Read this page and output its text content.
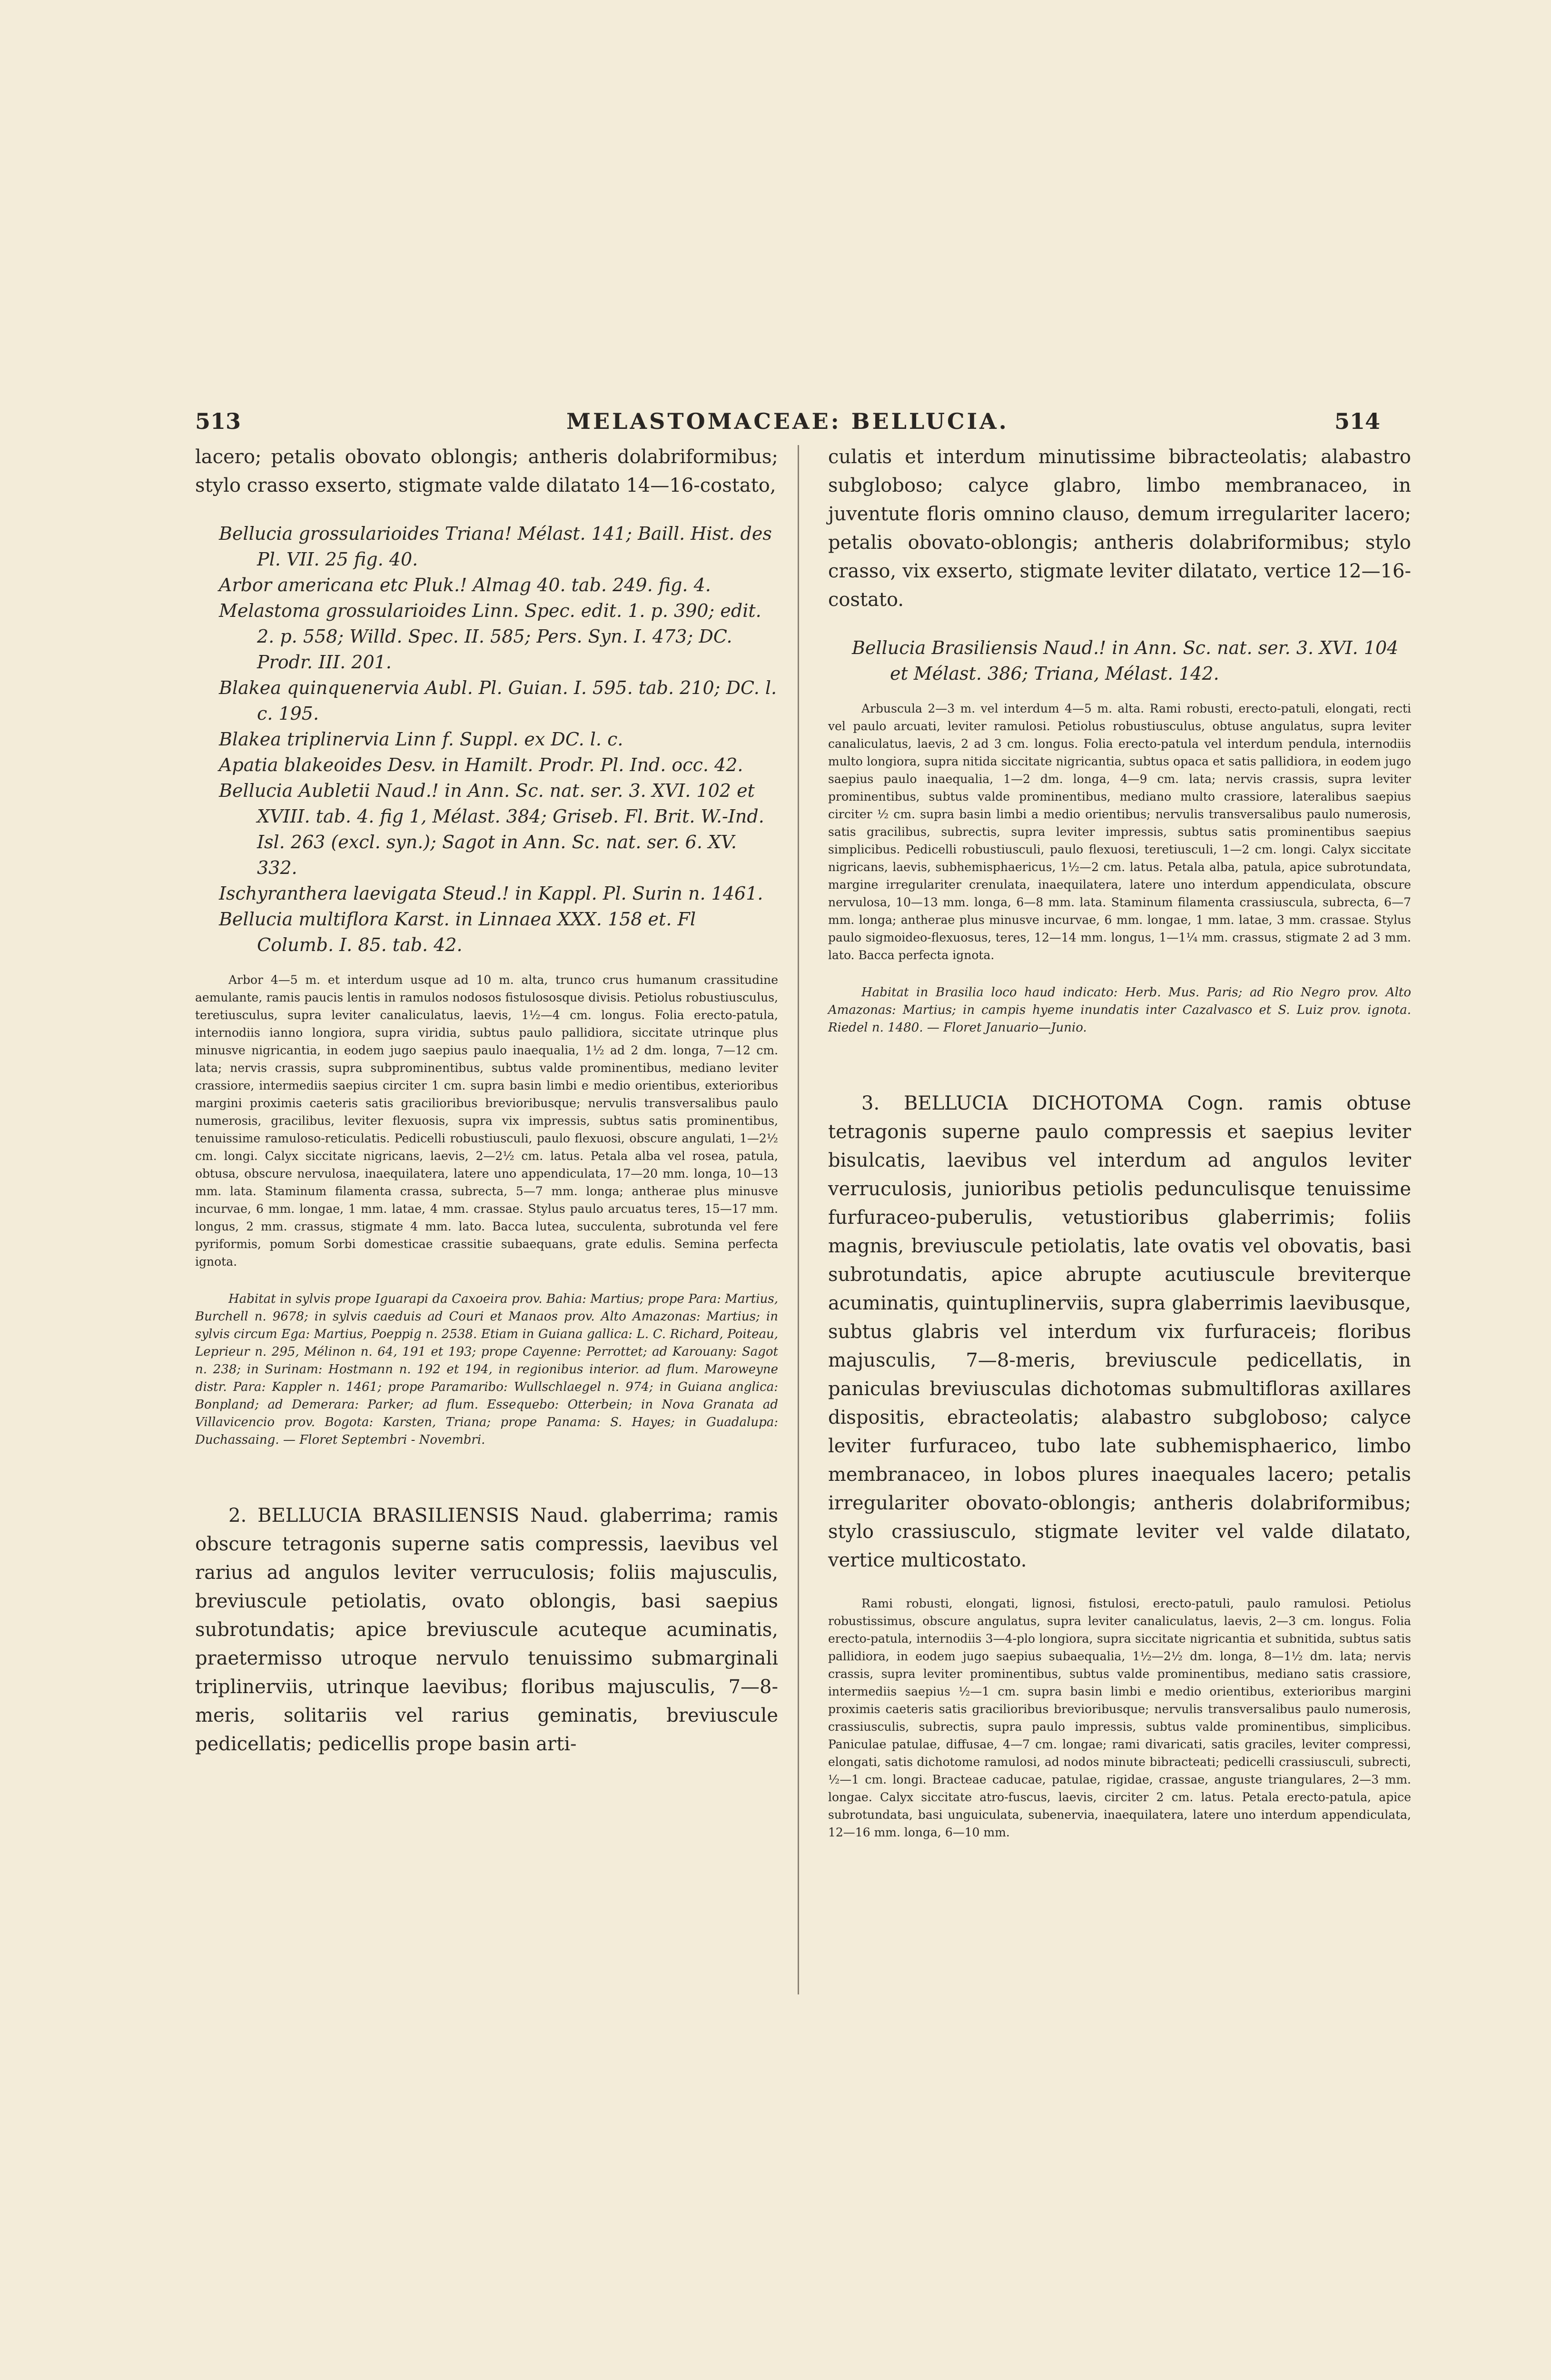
513	MELASTOMACEAE: BELLUCIA.	514

lacero; petalis obovato oblongis; antheris dolabriformibus; stylo crasso exserto, stigmate valde dilatato 14—16-costato,

Bellucia grossularioides Triana! Mélast. 141; Baill. Hist. des Pl. VII. 25 fig. 40.

Arbor americana etc Pluk.! Almag 40. tab. 249. fig. 4.

Melastoma grossularioides Linn. Spec. edit. 1. p. 390; edit. 2. p. 558; Willd. Spec. II. 585; Pers. Syn. I. 473; DC. Prodr. III. 201.

Blakea quinquenervia Aubl. Pl. Guian. I. 595. tab. 210; DC. l. c. 195.

Blakea triplinervia Linn f. Suppl. ex DC. l. c.

Apatia blakeoides Desv. in Hamilt. Prodr. Pl. Ind. occ. 42.

Bellucia Aubletii Naud.! in Ann. Sc. nat. ser. 3. XVI. 102 et XVIII. tab. 4. fig 1, Mélast. 384; Griseb. Fl. Brit. W.-Ind. Isl. 263 (excl. syn.); Sagot in Ann. Sc. nat. ser. 6. XV. 332.

Ischyranthera laevigata Steud.! in Kappl. Pl. Surin n. 1461.

Bellucia multiflora Karst. in Linnaea XXX. 158 et. Fl Columb. I. 85. tab. 42.

Arbor 4—5 m. et interdum usque ad 10 m. alta, trunco crus humanum crassitudine aemulante, ramis paucis lentis in ramulos nodosos fistulososque divisis. Petiolus robustiusculus, teretiusculus, supra leviter canaliculatus, laevis, 1½—4 cm. longus. Folia erecto-patula, internodiis ianno longiora, supra viridia, subtus paulo pallidiora, siccitate utrinque plus minusve nigricantia, in eodem jugo saepius paulo inaequalia, 1½ ad 2 dm. longa, 7—12 cm. lata; nervis crassis, supra subprominentibus, subtus valde prominentibus, mediano leviter crassiore, intermediis saepius circiter 1 cm. supra basin limbi e medio orientibus, exterioribus margini proximis caeteris satis gracilioribus brevioribusque; nervulis transversalibus paulo numerosis, gracilibus, leviter flexuosis, supra vix impressis, subtus satis prominentibus, tenuissime ramuloso-reticulatis. Pedicelli robustiusculi, paulo flexuosi, obscure angulati, 1—2½ cm. longi. Calyx siccitate nigricans, laevis, 2—2½ cm. latus. Petala alba vel rosea, patula, obtusa, obscure nervulosa, inaequilatera, latere uno appendiculata, 17—20 mm. longa, 10—13 mm. lata. Staminum filamenta crassa, subrecta, 5—7 mm. longa; antherae plus minusve incurvae, 6 mm. longae, 1 mm. latae, 4 mm. crassae. Stylus paulo arcuatus teres, 15—17 mm. longus, 2 mm. crassus, stigmate 4 mm. lato. Bacca lutea, succulenta, subrotunda vel fere pyriformis, pomum Sorbi domesticae crassitie subaequans, grate edulis. Semina perfecta ignota.

Habitat in sylvis prope Iguarapi da Caxoeira prov. Bahia: Martius; prope Para: Martius, Burchell n. 9678; in sylvis caeduis ad Couri et Manaos prov. Alto Amazonas: Martius; in sylvis circum Ega: Martius, Poeppig n. 2538. Etiam in Guiana gallica: L. C. Richard, Poiteau, Leprieur n. 295, Mélinon n. 64, 191 et 193; prope Cayenne: Perrottet; ad Karouany: Sagot n. 238; in Surinam: Hostmann n. 192 et 194, in regionibus interior. ad flum. Maroweyne distr. Para: Kappler n. 1461; prope Paramaribo: Wullschlaegel n. 974; in Guiana anglica: Bonpland; ad Demerara: Parker; ad flum. Essequebo: Otterbein; in Nova Granata ad Villavicencio prov. Bogota: Karsten, Triana; prope Panama: S. Hayes; in Guadalupa: Duchassaing. — Floret Septembri - Novembri.

2. BELLUCIA BRASILIENSIS Naud. glaberrima; ramis obscure tetragonis superne satis compressis, laevibus vel rarius ad angulos leviter verruculosis; foliis majusculis, breviuscule petiolatis, ovato oblongis, basi saepius subrotundatis; apice breviuscule acuteque acuminatis, praetermisso utroque nervulo tenuissimo submarginali triplinerviis, utrinque laevibus; floribus majusculis, 7—8-meris, solitariis vel rarius geminatis, breviuscule pedicellatis; pedicellis prope basin arti-

culatis et interdum minutissime bibracteolatis; alabastro subgloboso; calyce glabro, limbo membranaceo, in juventute floris omnino clauso, demum irregulariter lacero; petalis obovato-oblongis; antheris dolabriformibus; stylo crasso, vix exserto, stigmate leviter dilatato, vertice 12—16-costato.

Bellucia Brasiliensis Naud.! in Ann. Sc. nat. ser. 3. XVI. 104 et Mélast. 386; Triana, Mélast. 142.

Arbuscula 2—3 m. vel interdum 4—5 m. alta. Rami robusti, erecto-patuli, elongati, recti vel paulo arcuati, leviter ramulosi. Petiolus robustiusculus, obtuse angulatus, supra leviter canaliculatus, laevis, 2 ad 3 cm. longus. Folia erecto-patula vel interdum pendula, internodiis multo longiora, supra nitida siccitate nigricantia, subtus opaca et satis pallidiora, in eodem jugo saepius paulo inaequalia, 1—2 dm. longa, 4—9 cm. lata; nervis crassis, supra leviter prominentibus, subtus valde prominentibus, mediano multo crassiore, lateralibus saepius circiter ½ cm. supra basin limbi a medio orientibus; nervulis transversalibus paulo numerosis, satis gracilibus, subrectis, supra leviter impressis, subtus satis prominentibus saepius simplicibus. Pedicelli robustiusculi, paulo flexuosi, teretiusculi, 1—2 cm. longi. Calyx siccitate nigricans, laevis, subhemisphaericus, 1½—2 cm. latus. Petala alba, patula, apice subrotundata, margine irregulariter crenulata, inaequilatera, latere uno interdum appendiculata, obscure nervulosa, 10—13 mm. longa, 6—8 mm. lata. Staminum filamenta crassiuscula, subrecta, 6—7 mm. longa; antherae plus minusve incurvae, 6 mm. longae, 1 mm. latae, 3 mm. crassae. Stylus paulo sigmoideo-flexuosus, teres, 12—14 mm. longus, 1—1¼ mm. crassus, stigmate 2 ad 3 mm. lato. Bacca perfecta ignota.

Habitat in Brasilia loco haud indicato: Herb. Mus. Paris; ad Rio Negro prov. Alto Amazonas: Martius; in campis hyeme inundatis inter Cazalvasco et S. Luiz prov. ignota. Riedel n. 1480. — Floret Januario—Junio.

3. BELLUCIA DICHOTOMA Cogn. ramis obtuse tetragonis superne paulo compressis et saepius leviter bisulcatis, laevibus vel interdum ad angulos leviter verruculosis, junioribus petiolis pedunculisque tenuissime furfuraceo-puberulis, vetustioribus glaberrimis; foliis magnis, breviuscule petiolatis, late ovatis vel obovatis, basi subrotundatis, apice abrupte acutiuscule breviterque acuminatis, quintuplinerviis, supra glaberrimis laevibusque, subtus glabris vel interdum vix furfuraceis; floribus majusculis, 7—8-meris, breviuscule pedicellatis, in paniculas breviusculas dichotomas submultifloras axillares dispositis, ebracteolatis; alabastro subgloboso; calyce leviter furfuraceo, tubo late subhemisphaerico, limbo membranaceo, in lobos plures inaequales lacero; petalis irregulariter obovato-oblongis; antheris dolabriformibus; stylo crassiusculo, stigmate leviter vel valde dilatato, vertice multicostato.

Rami robusti, elongati, lignosi, fistulosi, erecto-patuli, paulo ramulosi. Petiolus robustissimus, obscure angulatus, supra leviter canaliculatus, laevis, 2—3 cm. longus. Folia erecto-patula, internodiis 3—4-plo longiora, supra siccitate nigricantia et subnitida, subtus satis pallidiora, in eodem jugo saepius subaequalia, 1½—2½ dm. longa, 8—1½ dm. lata; nervis crassis, supra leviter prominentibus, subtus valde prominentibus, mediano satis crassiore, intermediis saepius ½—1 cm. supra basin limbi e medio orientibus, exterioribus margini proximis caeteris satis gracilioribus brevioribusque; nervulis transversalibus paulo numerosis, crassiusculis, subrectis, supra paulo impressis, subtus valde prominentibus, simplicibus. Paniculae patulae, diffusae, 4—7 cm. longae; rami divaricati, satis graciles, leviter compressi, elongati, satis dichotome ramulosi, ad nodos minute bibracteati; pedicelli crassiusculi, subrecti, ½—1 cm. longi. Bracteae caducae, patulae, rigidae, crassae, anguste triangulares, 2—3 mm. longae. Calyx siccitate atro-fuscus, laevis, circiter 2 cm. latus. Petala erecto-patula, apice subrotundata, basi unguiculata, subenervia, inaequilatera, latere uno interdum appendiculata, 12—16 mm. longa, 6—10 mm.
